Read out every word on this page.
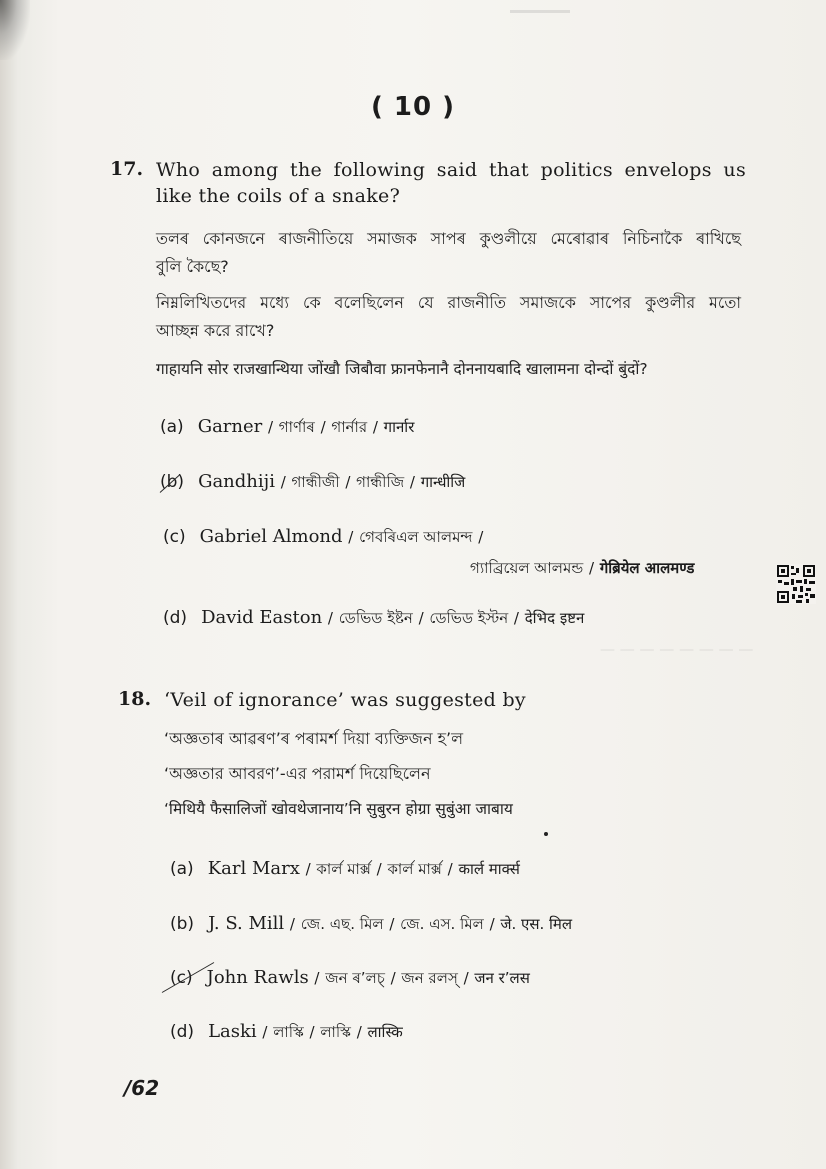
— — — — — — — —
( 10 )
17. Who among the following said that politics envelops us
like the coils of a snake?
তলৰ কোনজনে ৰাজনীতিয়ে সমাজক সাপৰ কুণ্ডলীয়ে মেৰোৱাৰ নিচিনাকৈ ৰাখিছে
বুলি কৈছে?
নিম্নলিখিতদের মধ্যে কে বলেছিলেন যে রাজনীতি সমাজকে সাপের কুণ্ডলীর মতো
আচ্ছন্ন করে রাখে?
गाहायनि सोर राजखान्थिया जोंखौ जिबौवा फ्रानफेनानै दोननायबादि खालामना दोन्दों बुंदों?
(a) Garner / গাৰ্ণাৰ / গার্নার / गार्नार
(b) Gandhiji / গান্ধীজী / গান্ধীজি / गान्धीजि
(c) Gabriel Almond / গেবৰিএল আলমন্দ /
গ্যাব্রিয়েল আলমন্ড / गेब्रियेल आलमण्ड
(d) David Easton / ডেভিড ইষ্টন / ডেভিড ইস্টন / देभिद इष्टन
18. ‘Veil of ignorance’ was suggested by
‘অজ্ঞতাৰ আৱৰণ’ৰ পৰামৰ্শ দিয়া ব্যক্তিজন হ’ল
‘অজ্ঞতার আবরণ’-এর পরামর্শ দিয়েছিলেন
‘मिथियै फैसालिजों खोवथेजानाय’नि सुबुरन होग्रा सुबुंआ जाबाय
(a) Karl Marx / কাৰ্ল মাৰ্ক্স / কার্ল মার্ক্স / कार्ल मार्क्स
(b) J. S. Mill / জে. এছ. মিল / জে. এস. মিল / जे. एस. मिल
(c) John Rawls / জন ৰ’লচ্ / জন রলস্ / जन र’लस
(d) Laski / লাস্কি / লাস্কি / लास्कि
/62
